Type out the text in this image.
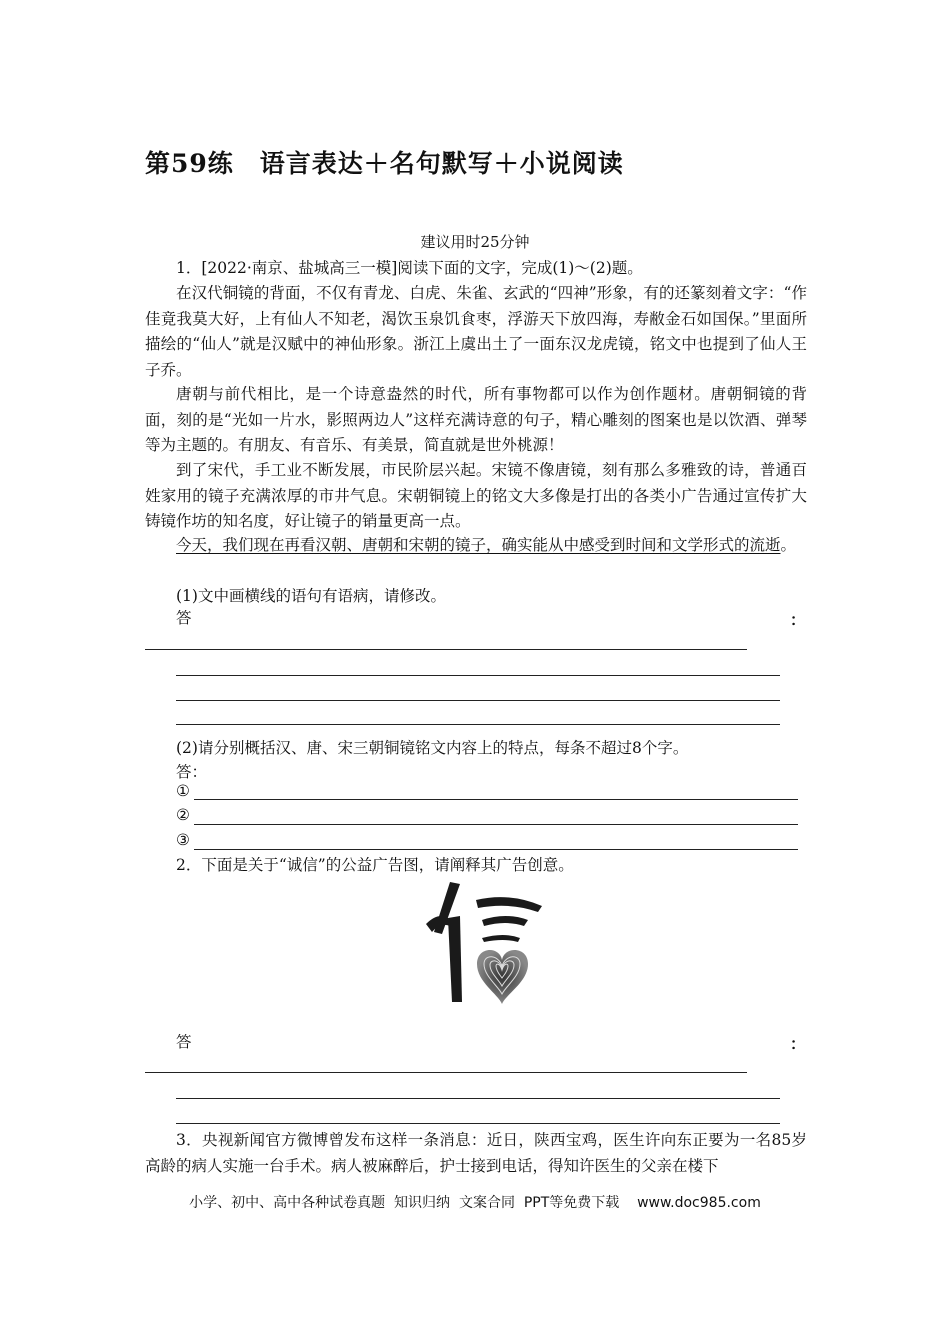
第59练　语言表达＋名句默写＋小说阅读
建议用时25分钟
1．[2022·南京、盐城高三一模]阅读下面的文字，完成(1)～(2)题。
在汉代铜镜的背面，不仅有青龙、白虎、朱雀、玄武的“四神”形象，有的还篆刻着文字：“作佳竟我莫大好，上有仙人不知老，渴饮玉泉饥食枣，浮游天下放四海，寿敝金石如国保。”里面所描绘的“仙人”就是汉赋中的神仙形象。浙江上虞出土了一面东汉龙虎镜，铭文中也提到了仙人王子乔。
唐朝与前代相比，是一个诗意盎然的时代，所有事物都可以作为创作题材。唐朝铜镜的背面，刻的是“光如一片水，影照两边人”这样充满诗意的句子，精心雕刻的图案也是以饮酒、弹琴等为主题的。有朋友、有音乐、有美景，简直就是世外桃源！
到了宋代，手工业不断发展，市民阶层兴起。宋镜不像唐镜，刻有那么多雅致的诗，普通百姓家用的镜子充满浓厚的市井气息。宋朝铜镜上的铭文大多像是打出的各类小广告通过宣传扩大铸镜作坊的知名度，好让镜子的销量更高一点。
今天，我们现在再看汉朝、唐朝和宋朝的镜子，确实能从中感受到时间和文学形式的流逝。
(1)文中画横线的语句有语病，请修改。
答	：
(2)请分别概括汉、唐、宋三朝铜镜铭文内容上的特点，每条不超过8个字。
答：
①
②
③
2．下面是关于“诚信”的公益广告图，请阐释其广告创意。
答	：
3．央视新闻官方微博曾发布这样一条消息：近日，陕西宝鸡，医生许向东正要为一名85岁高龄的病人实施一台手术。病人被麻醉后，护士接到电话，得知许医生的父亲在楼下
小学、初中、高中各种试卷真题  知识归纳  文案合同  PPT等免费下载    www.doc985.com
